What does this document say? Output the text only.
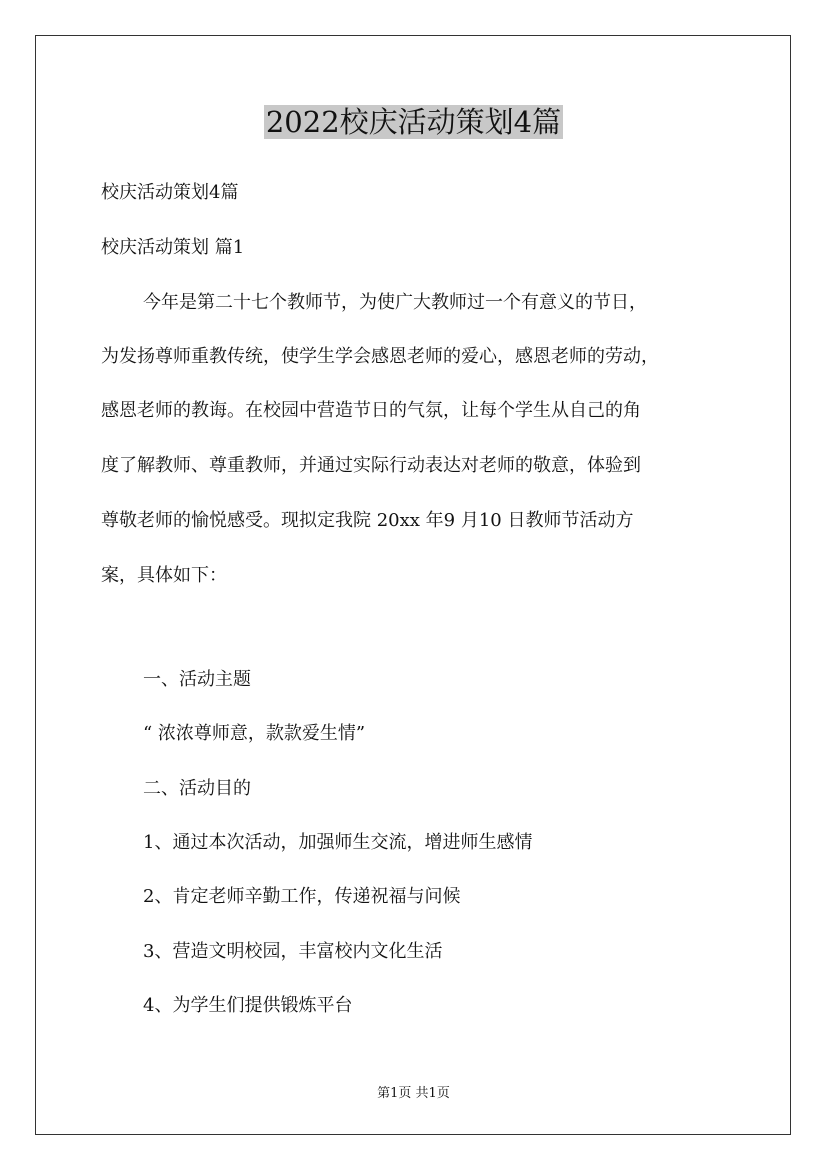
2022校庆活动策划4篇
校庆活动策划4篇
校庆活动策划 篇1
今年是第二十七个教师节，为使广大教师过一个有意义的节日，
为发扬尊师重教传统，使学生学会感恩老师的爱心，感恩老师的劳动，
感恩老师的教诲。在校园中营造节日的气氛，让每个学生从自己的角
度了解教师、尊重教师，并通过实际行动表达对老师的敬意，体验到
尊敬老师的愉悦感受。现拟定我院 20xx 年9 月10 日教师节活动方
案，具体如下：
一、活动主题
“ 浓浓尊师意，款款爱生情”
二、活动目的
1、通过本次活动，加强师生交流，增进师生感情
2、肯定老师辛勤工作，传递祝福与问候
3、营造文明校园，丰富校内文化生活
4、为学生们提供锻炼平台
第1页 共1页
